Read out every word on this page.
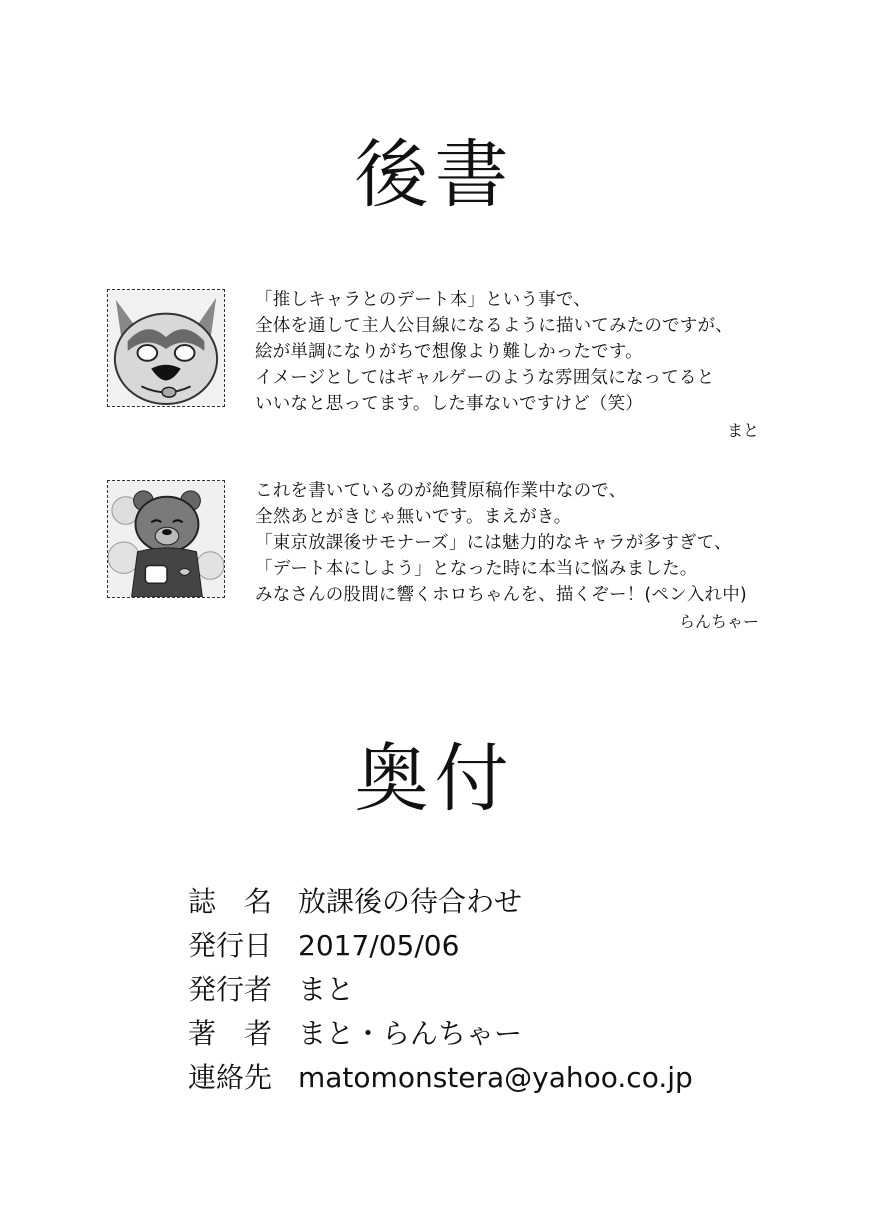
後書
「推しキャラとのデート本」という事で、
全体を通して主人公目線になるように描いてみたのですが、
絵が単調になりがちで想像より難しかったです。
イメージとしてはギャルゲーのような雰囲気になってると
いいなと思ってます。した事ないですけど（笑）
まと
これを書いているのが絶賛原稿作業中なので、
全然あとがきじゃ無いです。まえがき。
「東京放課後サモナーズ」には魅力的なキャラが多すぎて、
「デート本にしよう」となった時に本当に悩みました。
みなさんの股間に響くホロちゃんを、描くぞー！(ペン入れ中)
らんちゃー
奥付
誌　名 放課後の待合わせ
発行日 2017/05/06
発行者 まと
著　者 まと・らんちゃー
連絡先 matomonstera@yahoo.co.jp
